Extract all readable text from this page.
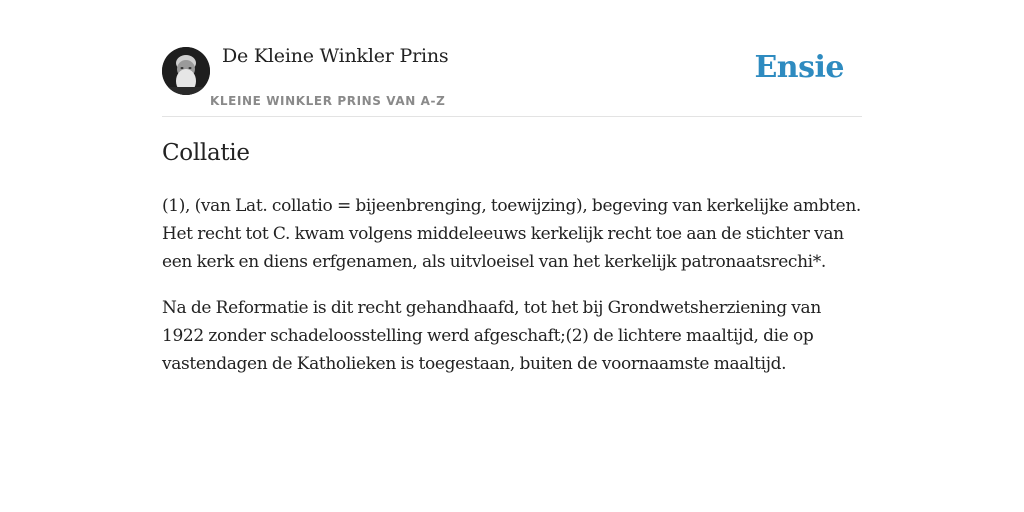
De Kleine Winkler Prins
KLEINE WINKLER PRINS VAN A-Z
Ensie
Collatie

(1), (van Lat. collatio = bijeenbrenging, toewijzing), begeving van kerkelijke ambten. Het recht tot C. kwam volgens middeleeuws kerkelijk recht toe aan de stichter van een kerk en diens erfgenamen, als uitvloeisel van het kerkelijk patronaatsrechi*.

Na de Reformatie is dit recht gehandhaafd, tot het bij Grondwetsherziening van 1922 zonder schadeloosstelling werd afgeschaft;(2) de lichtere maaltijd, die op vastendagen de Katholieken is toegestaan, buiten de voornaamste maaltijd.
